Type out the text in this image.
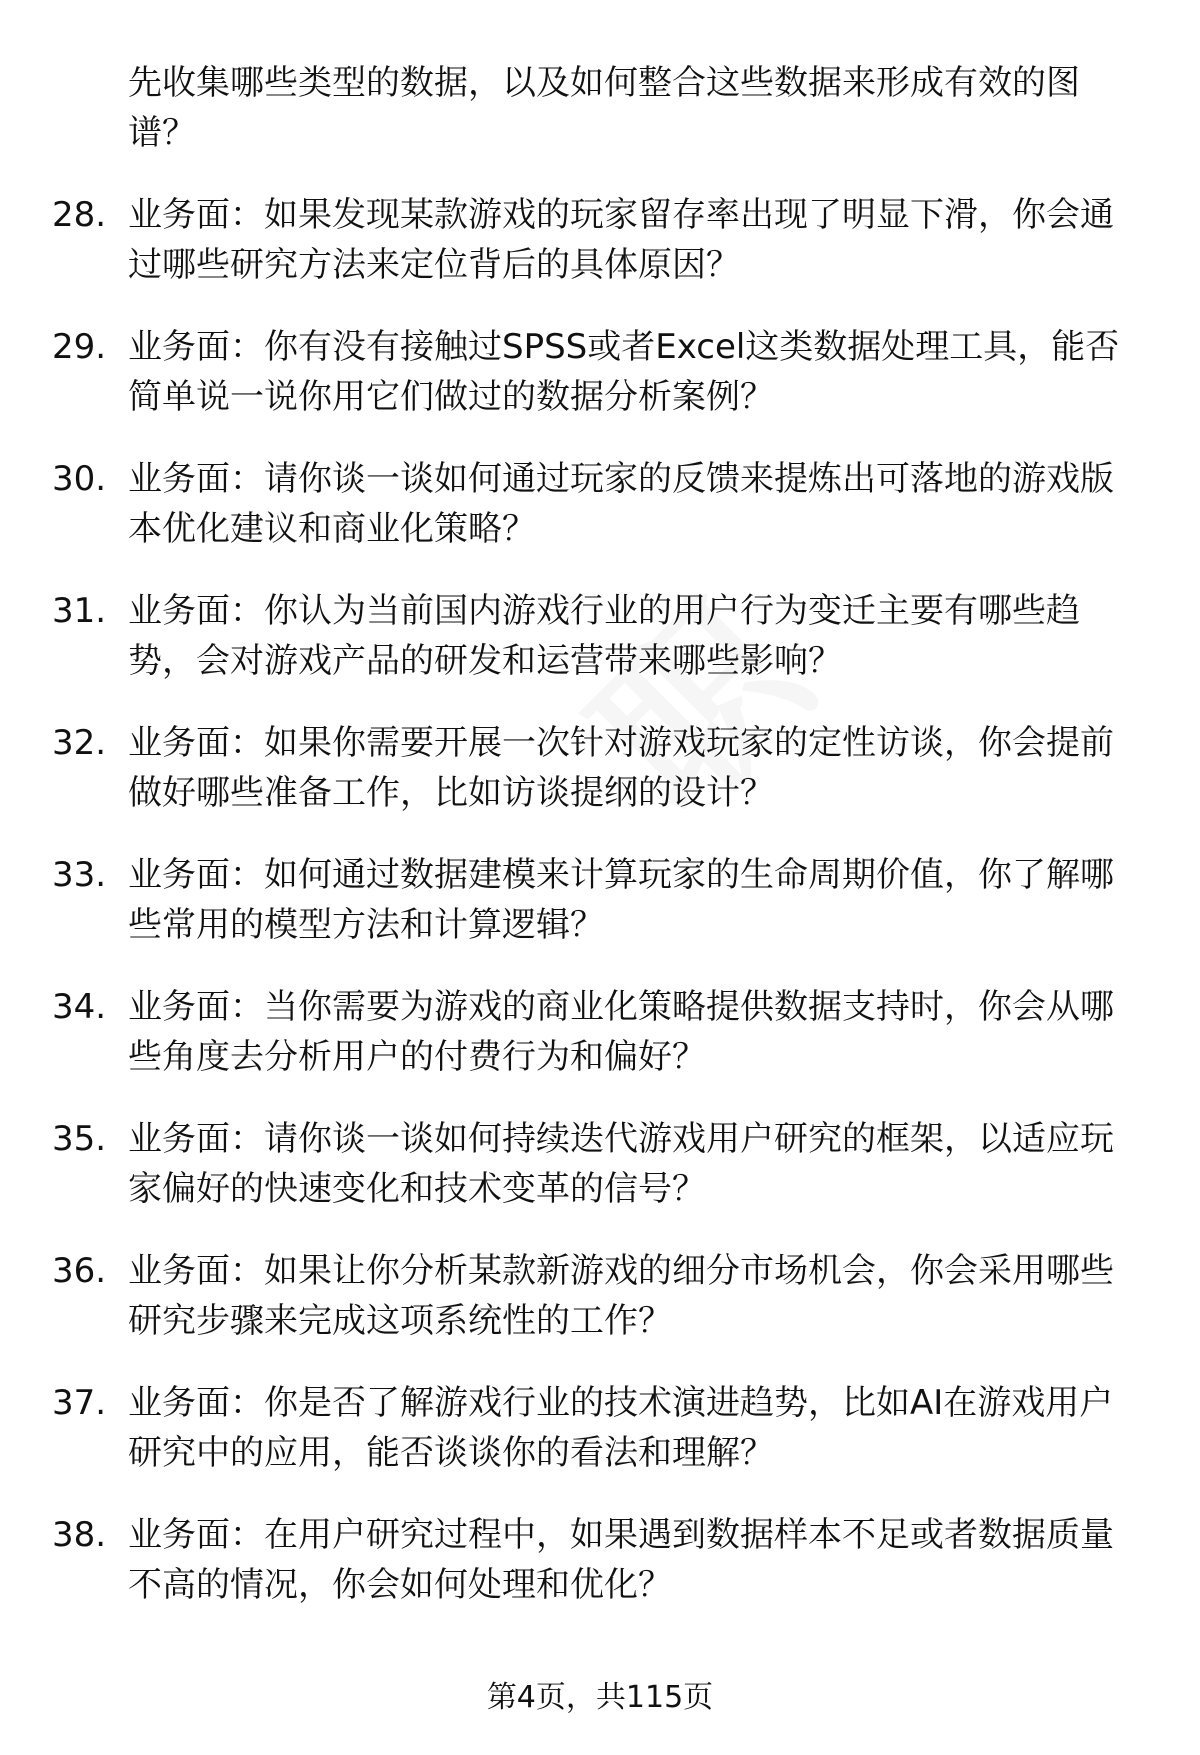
先收集哪些类型的数据，以及如何整合这些数据来形成有效的图谱？

28. 业务面：如果发现某款游戏的玩家留存率出现了明显下滑，你会通过哪些研究方法来定位背后的具体原因？
29. 业务面：你有没有接触过SPSS或者Excel这类数据处理工具，能否简单说一说你用它们做过的数据分析案例？
30. 业务面：请你谈一谈如何通过玩家的反馈来提炼出可落地的游戏版本优化建议和商业化策略？
31. 业务面：你认为当前国内游戏行业的用户行为变迁主要有哪些趋势，会对游戏产品的研发和运营带来哪些影响？
32. 业务面：如果你需要开展一次针对游戏玩家的定性访谈，你会提前做好哪些准备工作，比如访谈提纲的设计？
33. 业务面：如何通过数据建模来计算玩家的生命周期价值，你了解哪些常用的模型方法和计算逻辑？
34. 业务面：当你需要为游戏的商业化策略提供数据支持时，你会从哪些角度去分析用户的付费行为和偏好？
35. 业务面：请你谈一谈如何持续迭代游戏用户研究的框架，以适应玩家偏好的快速变化和技术变革的信号？
36. 业务面：如果让你分析某款新游戏的细分市场机会，你会采用哪些研究步骤来完成这项系统性的工作？
37. 业务面：你是否了解游戏行业的技术演进趋势，比如AI在游戏用户研究中的应用，能否谈谈你的看法和理解？
38. 业务面：在用户研究过程中，如果遇到数据样本不足或者数据质量不高的情况，你会如何处理和优化？
第4页，共115页
